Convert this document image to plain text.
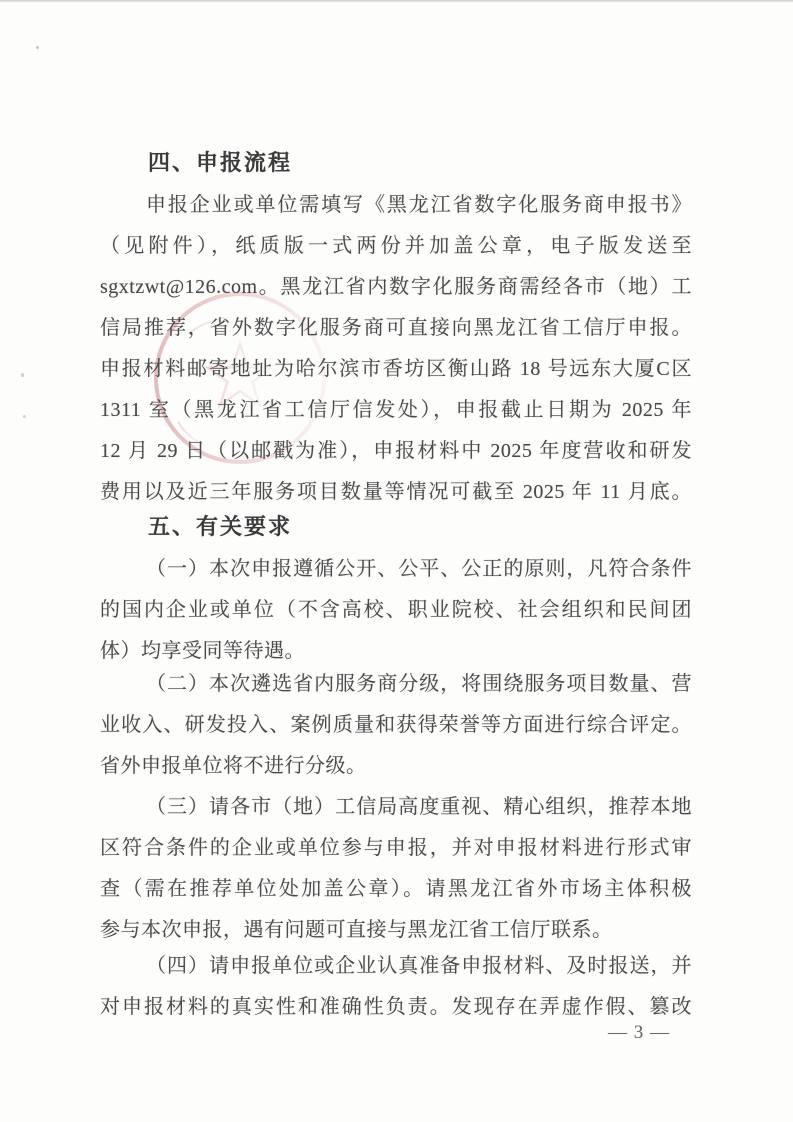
四、申报流程
申报企业或单位需填写《黑龙江省数字化服务商申报书》
（见附件），纸质版一式两份并加盖公章，电子版发送至
sgxtzwt@126.com。黑龙江省内数字化服务商需经各市（地）工
信局推荐，省外数字化服务商可直接向黑龙江省工信厅申报。
申报材料邮寄地址为哈尔滨市香坊区衡山路 18 号远东大厦C区
1311 室（黑龙江省工信厅信发处），申报截止日期为 2025 年
12 月 29 日（以邮戳为准），申报材料中 2025 年度营收和研发
费用以及近三年服务项目数量等情况可截至 2025 年 11 月底。
五、有关要求
（一）本次申报遵循公开、公平、公正的原则，凡符合条件
的国内企业或单位（不含高校、职业院校、社会组织和民间团
体）均享受同等待遇。
（二）本次遴选省内服务商分级，将围绕服务项目数量、营
业收入、研发投入、案例质量和获得荣誉等方面进行综合评定。
省外申报单位将不进行分级。
（三）请各市（地）工信局高度重视、精心组织，推荐本地
区符合条件的企业或单位参与申报，并对申报材料进行形式审
查（需在推荐单位处加盖公章）。请黑龙江省外市场主体积极
参与本次申报，遇有问题可直接与黑龙江省工信厅联系。
（四）请申报单位或企业认真准备申报材料、及时报送，并
对申报材料的真实性和准确性负责。发现存在弄虚作假、篡改
— 3 —
